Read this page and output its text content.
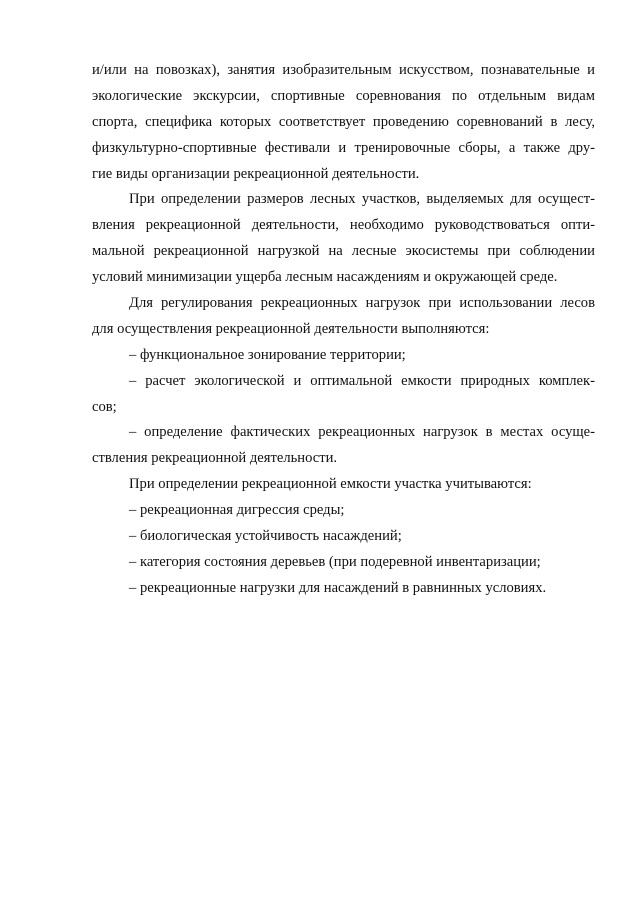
и/или на повозках), занятия изобразительным искусством, познавательные и
экологические экскурсии, спортивные соревнования по отдельным видам
спорта, специфика которых соответствует проведению соревнований в лесу,
физкультурно-спортивные фестивали и тренировочные сборы, а также дру-
гие виды организации рекреационной деятельности.
При определении размеров лесных участков, выделяемых для осущест-
вления рекреационной деятельности, необходимо руководствоваться опти-
мальной рекреационной нагрузкой на лесные экосистемы при соблюдении
условий минимизации ущерба лесным насаждениям и окружающей среде.
Для регулирования рекреационных нагрузок при использовании лесов
для осуществления рекреационной деятельности выполняются:
– функциональное зонирование территории;
– расчет экологической и оптимальной емкости природных комплек-
сов;
– определение фактических рекреационных нагрузок в местах осуще-
ствления рекреационной деятельности.
При определении рекреационной емкости участка учитываются:
– рекреационная дигрессия среды;
– биологическая устойчивость насаждений;
– категория состояния деревьев (при подеревной инвентаризации;
– рекреационные нагрузки для насаждений в равнинных условиях.
